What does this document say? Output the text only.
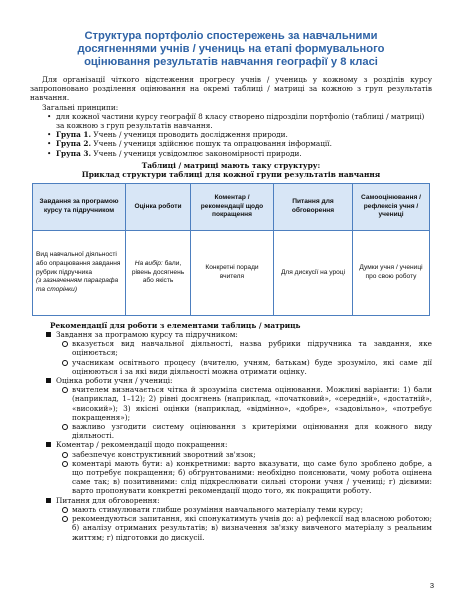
Структура портфоліо спостережень за навчальними
досягненнями учнів / учениць на етапі формувального
оцінювання результатів навчання географії у 8 класі

Для організації чіткого відстеження прогресу учнів / учениць у кожному з розділів курсу запропоновано розділення оцінювання на окремі таблиці / матриці за кожною з груп результатів навчання.

Загальні принципи:

• для кожної частини курсу географії 8 класу створено підрозділи портфоліо (таблиці / матриці) за кожною з груп результатів навчання.
• Група 1. Учень / учениця проводить дослідження природи.
• Група 2. Учень / учениця здійснює пошук та опрацювання інформації.
• Група 3. Учень / учениця усвідомлює закономірності природи.
Таблиці / матриці мають таку структуру:
Приклад структури таблиці для кожної групи результатів навчання
Завдання за програмою курсу та підручником	Оцінка роботи	Коментар / рекомендації щодо покращення	Питання для обговорення	Самооцінювання / рефлексія учня / учениці
Вид навчальної діяльності або опрацювання завдання рубрик підручника
(з зазначенням параграфа та сторінки)	На вибір: бали, рівень досягнень або якість	Конкретні поради вчителя	Для дискусії на уроці	Думки учня / учениці про свою роботу
Рекомендації для роботи з елементами таблиць / матриць
Завдання за програмою курсу та підручником:
вказується вид навчальної діяльності, назва рубрики підручника та завдання, яке оцінюється;
учасникам освітнього процесу (вчителю, учням, батькам) буде зрозуміло, які саме дії оцінюються і за які види діяльності можна отримати оцінку.
Оцінка роботи учня / учениці:
вчителем визначається чітка й зрозуміла система оцінювання. Можливі варіанти: 1) бали (наприклад, 1–12); 2) рівні досягнень (наприклад, «початковий», «середній», «достатній», «високий»); 3) якісні оцінки (наприклад, «відмінно», «добре», «задовільно», «потребує покращення»);
важливо узгодити систему оцінювання з критеріями оцінювання для кожного виду діяльності.
Коментар / рекомендації щодо покращення:
забезпечує конструктивний зворотний зв'язок;
коментарі мають бути: а) конкретними: варто вказувати, що саме було зроблено добре, а що потребує покращення; б) обґрунтованими: необхідно пояснювати, чому робота оцінена саме так; в) позитивними: слід підкреслювати сильні сторони учня / учениці; г) дієвими: варто пропонувати конкретні рекомендації щодо того, як покращити роботу.
Питання для обговорення:
мають стимулювати глибше розуміння навчального матеріалу теми курсу;
рекомендуються запитання, які спонукатимуть учнів до: а) рефлексії над власною роботою; б) аналізу отриманих результатів; в) визначення зв'язку вивченого матеріалу з реальним життям; г) підготовки до дискусії.
3
